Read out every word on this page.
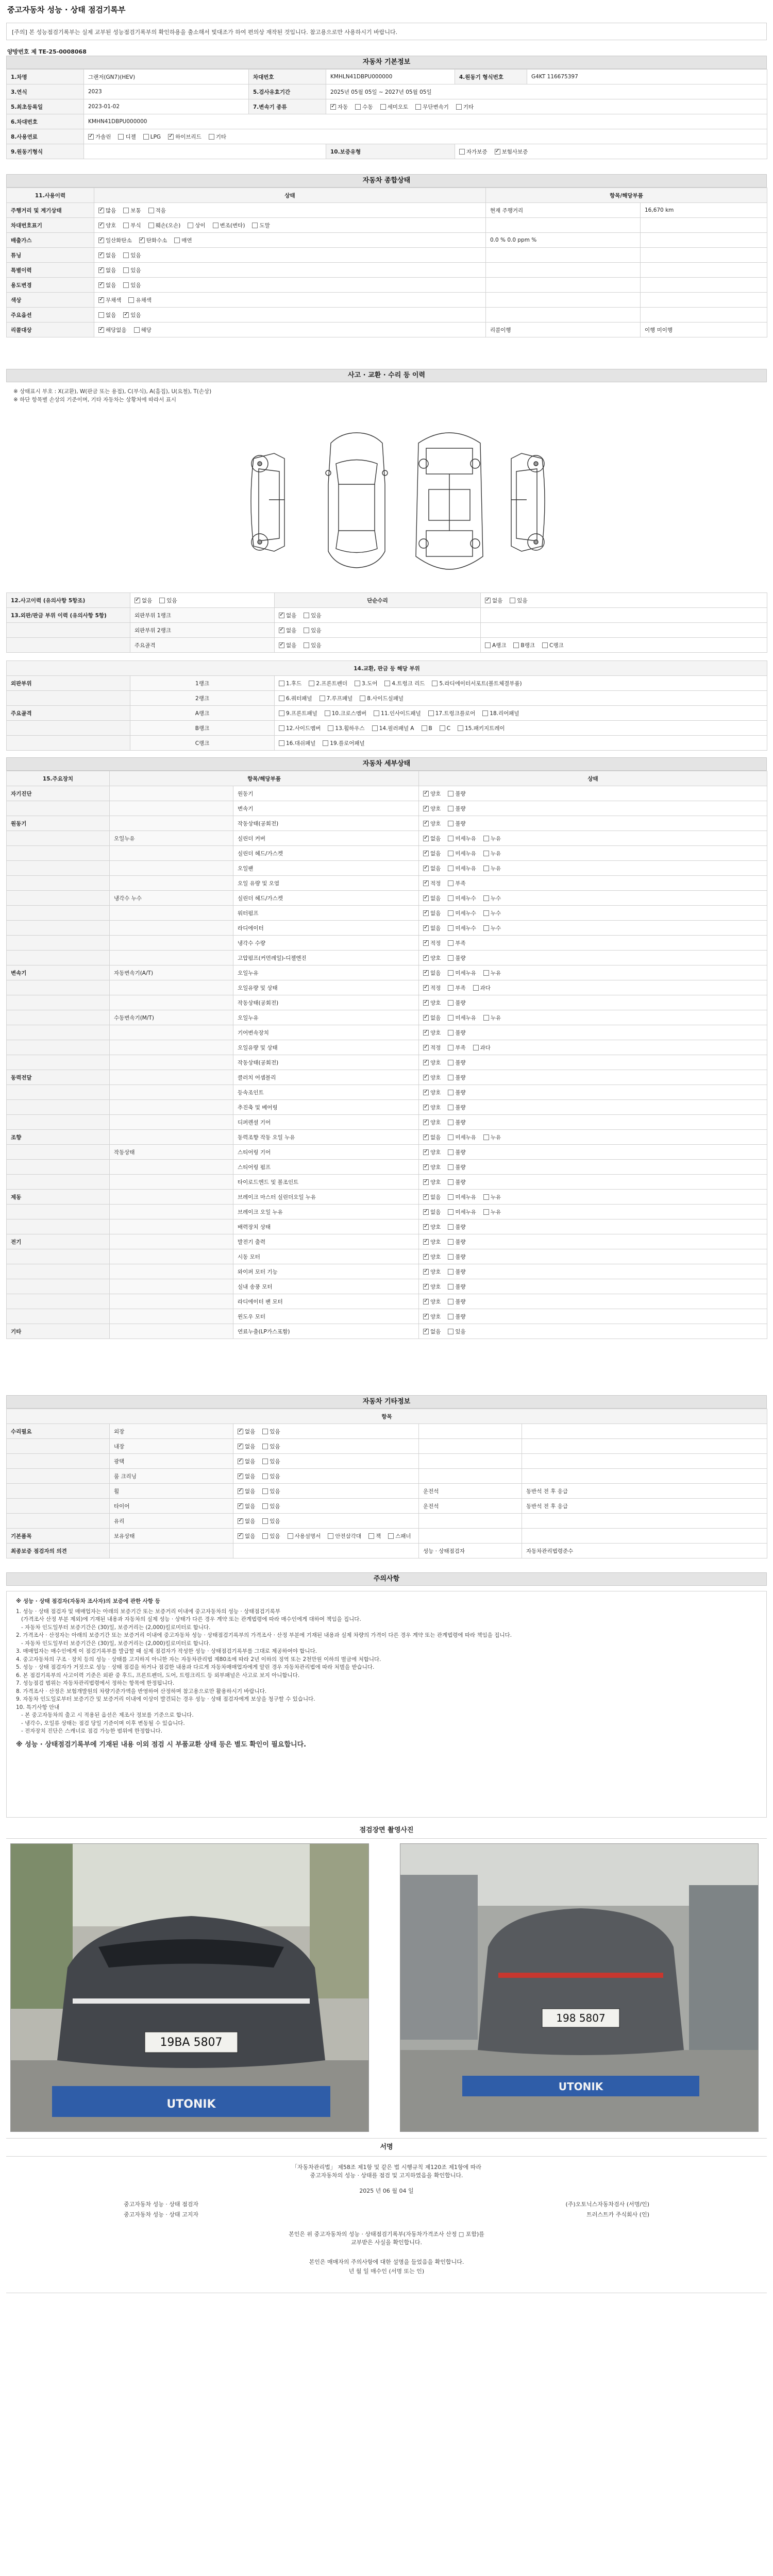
중고자동차 성능 · 상태 점검기록부
[주의] 본 성능점검기록부는 실제 교부된 성능점검기록부의 확인하용을 출소해서 빛대조가 하여 편의상 재작된 것입니다. 참고용으로만 사용하시기 바랍니다.
양방번호 제 TE-25-0008068
자동차 기본정보
1.차명	그랜저(GN7)(HEV)	차대번호	KMHLN41DBPU000000	4.원동기 형식번호	G4KT 116675397
3.연식	2023	5.검사유효기간	2025년 05월 05일 ~ 2027년 05월 05일		
5.최초등록일	2023-01-02	7.변속기 종류	✓자동 수동 세미오토 무단변속기 기타
6.차대번호	KMHN41DBPU000000				
8.사용연료	✓가솔린 디젤 LPG ✓ 하이브리드 기타
9.원동기형식			10.보증유형	자가보증 ✓ 보험사보증
자동차 종합상태
11.사용이력	상태	항목/해당부품	
주행거리 및 계기상태	✓많음 보통 적음	현재 주행거리	16,670 km
차대번호표기	✓양호 부식 훼손(오손) 상이 변조(변타) 도말		
배출가스	✓일산화탄소 ✓ 탄화수소 매연	0.0 % 0.0 ppm %	
튜닝	✓없음 있음		
특별이력	✓없음 있음		
용도변경	✓없음 있음		
색상	✓무채색 유채색		
주요옵션	없음 ✓ 있음		
리콜대상	✓해당없음 해당	리콜이행	이행 미이행
사고 · 교환 · 수리 등 이력
※ 상태표시 부호 : X(교환), W(판금 또는 용접), C(부식), A(흠집), U(요철), T(손상)
※ 하단 항목별 손상의 기준이며, 기타 자동차는 상황처에 따라서 표시
12.사고이력 (유의사항 5항조)	✓없음 있음	단순수리	✓없음 있음
13.외판/판금 부위 이력 (유의사항 5항)	외판부위 1랭크	✓없음 있음	
	외판부위 2랭크	✓없음 있음	
	주요골격	✓없음 있음	A랭크 B랭크 C랭크
14.교환, 판금 등 해당 부위		
외판부위	1랭크	1.후드 2.프론트펜더 3.도어 4.트렁크 리드 5.라디에이터서포트(볼트체결부품)
	2랭크	6.쿼터패널 7.루프패널 8.사이드실패널
주요골격	A랭크	9.프론트패널 10.크로스멤버 11.인사이드패널 17.트렁크플로어 18.리어패널
	B랭크	12.사이드멤버 13.휠하우스 14.필러패널 A B C 15.패키지트레이
	C랭크	16.대쉬패널 19.플로어패널
자동차 세부상태
15.주요장치	항목/해당부품		상태
자기진단		원동기	✓양호 불량
		변속기	✓양호 불량
원동기		작동상태(공회전)	✓양호 불량
	오일누유	실린더 커버	✓없음 미세누유 누유
		실린더 헤드/가스켓	✓없음 미세누유 누유
		오일팬	✓없음 미세누유 누유
		오일 유량 및 오염	✓적정 부족
	냉각수 누수	실린더 헤드/가스켓	✓없음 미세누수 누수
		워터펌프	✓없음 미세누수 누수
		라디에이터	✓없음 미세누수 누수
		냉각수 수량	✓적정 부족
		고압펌프(커먼레일)-디젤엔진	✓양호 불량
변속기	자동변속기(A/T)	오일누유	✓없음 미세누유 누유
		오일유량 및 상태	✓적정 부족 과다
		작동상태(공회전)	✓양호 불량
	수동변속기(M/T)	오일누유	✓없음 미세누유 누유
		기어변속장치	✓양호 불량
		오일유량 및 상태	✓적정 부족 과다
		작동상태(공회전)	✓양호 불량
동력전달		클러치 어셈블리	✓양호 불량
		등속조인트	✓양호 불량
		추진축 및 베어링	✓양호 불량
		디퍼렌셜 기어	✓양호 불량
조향		동력조향 작동 오일 누유	✓없음 미세누유 누유
	작동상태	스티어링 기어	✓양호 불량
		스티어링 펌프	✓양호 불량
		타이로드엔드 및 볼조인트	✓양호 불량
제동		브레이크 마스터 실린더오일 누유	✓없음 미세누유 누유
		브레이크 오일 누유	✓없음 미세누유 누유
		배력장치 상태	✓양호 불량
전기		발전기 출력	✓양호 불량
		시동 모터	✓양호 불량
		와이퍼 모터 기능	✓양호 불량
		실내 송풍 모터	✓양호 불량
		라디에이터 팬 모터	✓양호 불량
		윈도우 모터	✓양호 불량
기타		연료누출(LP가스포함)	✓없음 있음
자동차 기타정보
항목				
수리필요	외장	✓없음 있음		
	내장	✓없음 있음		
	광택	✓없음 있음		
	룸 크리닝	✓없음 있음		
	휠	✓없음 있음	운전석	동반석 전 후 응급
	타이어	✓없음 있음	운전석	동반석 전 후 응급
	유리	✓없음 있음		
기본품목	보유상태	✓없음 있음 사용설명서 안전삼각대 잭 스패너		
최종보증 점검자의 의견			성능 · 상태점검자	자동차관리법령준수
주의사항
※ 성능 · 상태 점검자(자동차 조사자)의 보증에 관한 사항 등
1. 성능 · 상태 점검자 및 매매업자는 아래의 보증기간 또는 보증거리 이내에 중고자동차의 성능 · 상태점검기록부
(가격조사 산정 부분 제외)에 기재된 내용과 자동차의 실제 성능 · 상태가 다른 경우 계약 또는 관계법령에 따라 매수인에게 대하여 책임을 집니다.
- 자동차 인도일부터 보증기간은 (30)일, 보증거리는 (2,000)킬로미터로 합니다.
2. 가격조사 · 산정자는 아래의 보증기간 또는 보증거리 이내에 중고자동차 성능 · 상태점검기록부의 가격조사 · 산정 부분에 기재된 내용과 실제 차량의 가격이 다른 경우 계약 또는 관계법령에 따라 책임을 집니다.
- 자동차 인도일부터 보증기간은 (30)일, 보증거리는 (2,000)킬로미터로 합니다.
3. 매매업자는 매수인에게 이 점검기록부를 발급할 때 실제 점검자가 작성한 성능 · 상태점검기록부를 그대로 제공하여야 합니다.
4. 중고자동차의 구조 · 장치 등의 성능 · 상태를 고지하지 아니한 자는 자동차관리법 제80조에 따라 2년 이하의 징역 또는 2천만원 이하의 벌금에 처합니다.
5. 성능 · 상태 점검자가 거짓으로 성능 · 상태 점검을 하거나 점검한 내용과 다르게 자동차매매업자에게 알린 경우 자동차관리법에 따라 처벌을 받습니다.
6. 본 점검기록부의 사고이력 기준은 외판 중 후드, 프론트펜더, 도어, 트렁크리드 등 외부패널은 사고로 보지 아니합니다.
7. 성능점검 범위는 자동차관리법령에서 정하는 항목에 한정됩니다.
8. 가격조사 · 산정은 보험개발원의 차량기준가액을 반영하여 산정하며 참고용으로만 활용하시기 바랍니다.
9. 자동차 인도일로부터 보증기간 및 보증거리 이내에 이상이 발견되는 경우 성능 · 상태 점검자에게 보상을 청구할 수 있습니다.
10. 특기사항 안내
- 본 중고자동차의 출고 시 적용된 옵션은 제조사 정보를 기준으로 합니다.
- 냉각수, 오일류 상태는 점검 당일 기준이며 이후 변동될 수 있습니다.
- 전자장치 진단은 스캐너로 점검 가능한 범위에 한정합니다.
※ 성능 · 상태점검기록부에 기재된 내용 이외 점검 시 부품교환 상태 등은 별도 확인이 필요합니다.
점검장면 촬영사진
19BA 5807
UTONIK
198 5807
UTONIK
서명
「자동차관리법」 제58조 제1항 및 같은 법 시행규칙 제120조 제1항에 따라
중고자동차의 성능 · 상태를 점검 및 고지하였음을 확인합니다.
2025 년 06 월 04 일
중고자동차 성능 · 상태 점검자	(주)오토닉스자동차검사 (서명/인)
중고자동차 성능 · 상태 고지자	트러스트카 주식회사 (인)
본인은 위 중고자동차의 성능 · 상태점검기록부(자동차가격조사 산정 □ 포함)를
교부받은 사실을 확인합니다.
본인은 매매자의 주의사항에 대한 설명을 들었음을 확인합니다.
년 월 일 매수인 (서명 또는 인)
